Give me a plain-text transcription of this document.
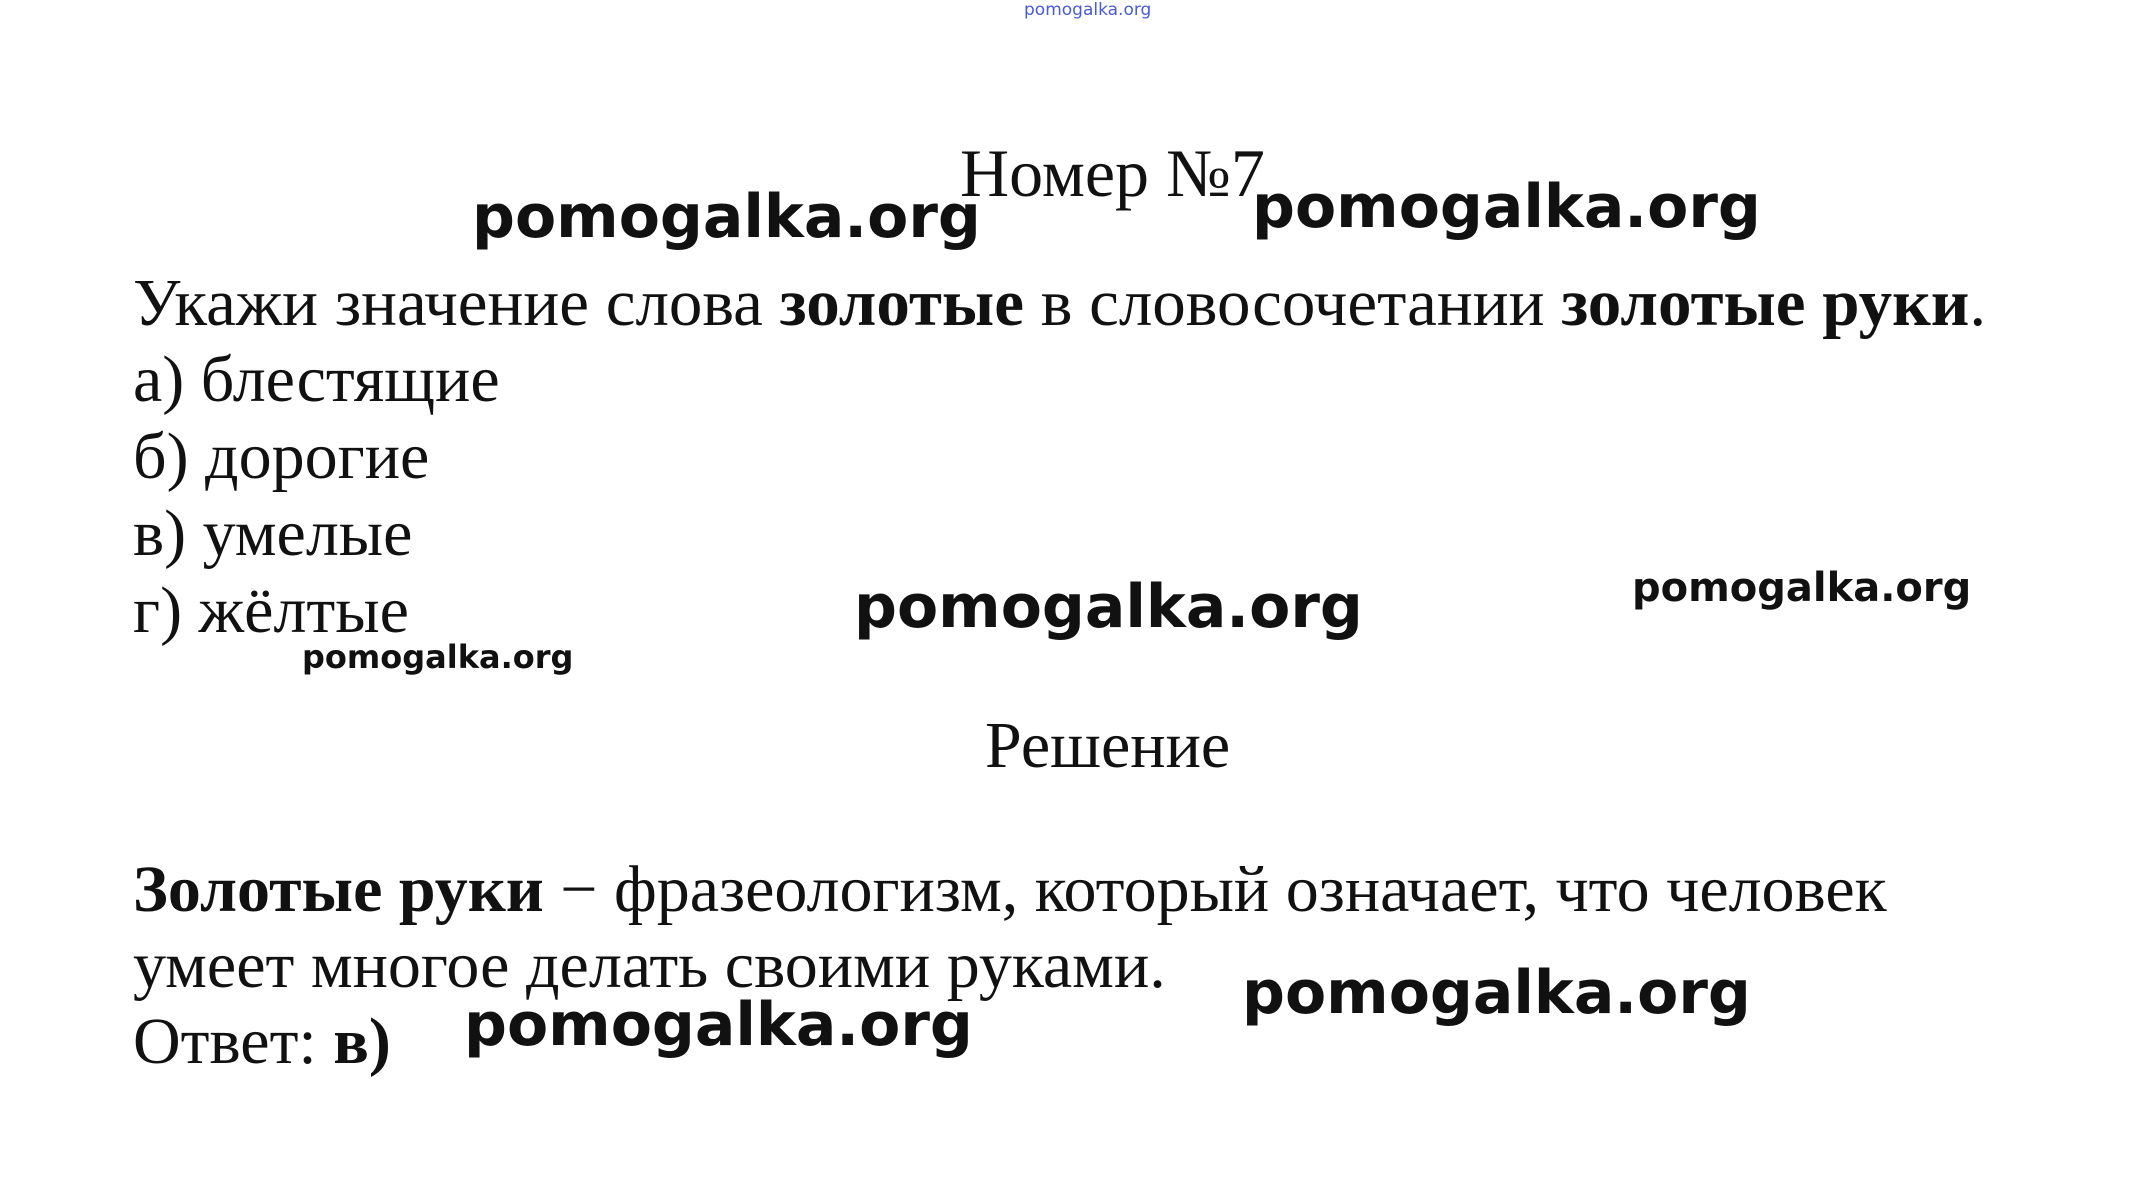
pomogalka.org
Номер №7
pomogalka.org	pomogalka.org
Укажи значение слова золотые в словосочетании золотые руки.
а) блестящие
б) дорогие
в) умелые
г) жёлтые	pomogalka.org	pomogalka.org
pomogalka.org
Решение
Золотые руки − фразеологизм, который означает, что человек
умеет многое делать своими руками.
Ответ: в)
pomogalka.org
pomogalka.org
